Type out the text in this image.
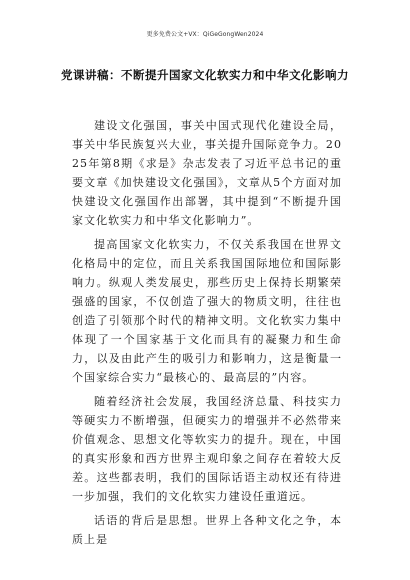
更多免费公文+VX：QiGeGongWen2024
党课讲稿：不断提升国家文化软实力和中华文化影响力

建设文化强国，事关中国式现代化建设全局，事关中华民族复兴大业，事关提升国际竞争力。2025年第8期《求是》杂志发表了习近平总书记的重要文章《加快建设文化强国》，文章从5个方面对加快建设文化强国作出部署，其中提到“不断提升国家文化软实力和中华文化影响力”。

提高国家文化软实力，不仅关系我国在世界文化格局中的定位，而且关系我国国际地位和国际影响力。纵观人类发展史，那些历史上保持长期繁荣强盛的国家，不仅创造了强大的物质文明，往往也创造了引领那个时代的精神文明。文化软实力集中体现了一个国家基于文化而具有的凝聚力和生命力，以及由此产生的吸引力和影响力，这是衡量一个国家综合实力“最核心的、最高层的”内容。

随着经济社会发展，我国经济总量、科技实力等硬实力不断增强，但硬实力的增强并不必然带来价值观念、思想文化等软实力的提升。现在，中国的真实形象和西方世界主观印象之间存在着较大反差。这些都表明，我们的国际话语主动权还有待进一步加强，我们的文化软实力建设任重道远。

话语的背后是思想。世界上各种文化之争，本质上是
